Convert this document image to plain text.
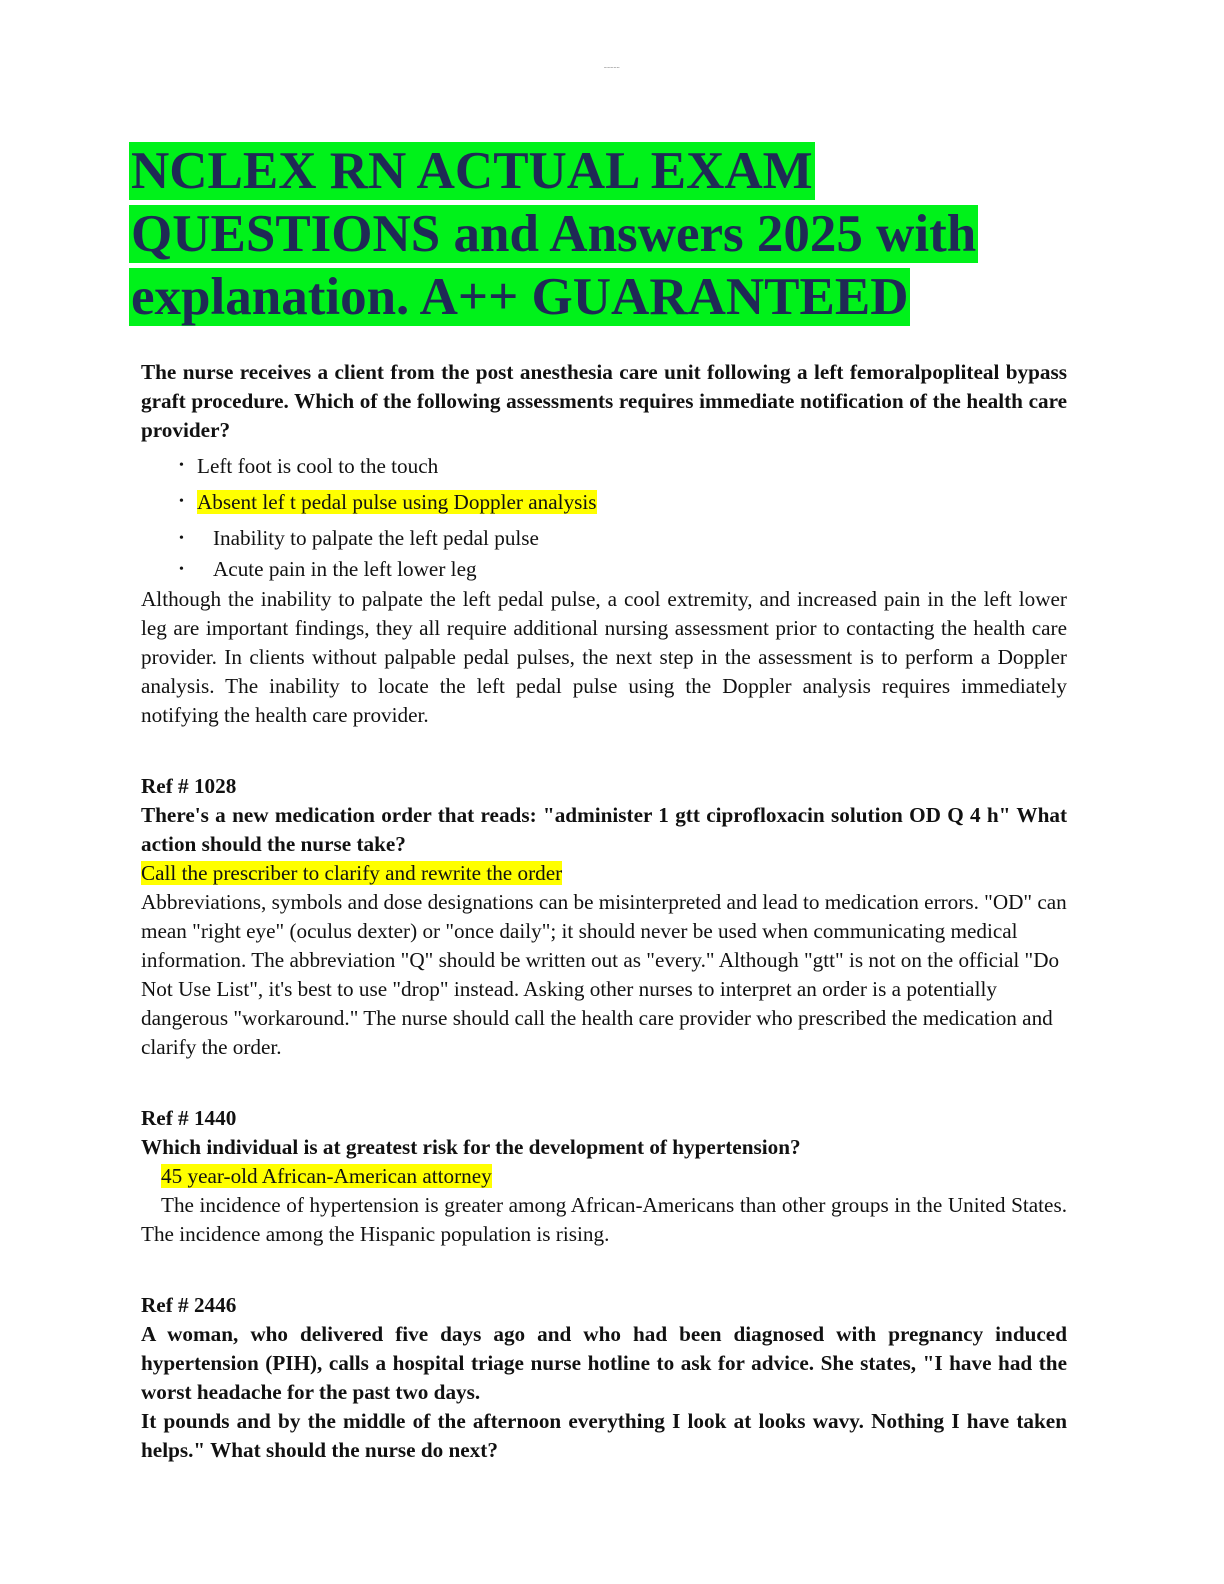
~~~~~
NCLEX RN ACTUAL EXAM
QUESTIONS and Answers 2025 with
explanation. A++ GUARANTEED

The nurse receives a client from the post anesthesia care unit following a left femoralpopliteal bypass graft procedure. Which of the following assessments requires immediate notification of the health care provider?

• Left foot is cool to the touch
• Absent lef t pedal pulse using Doppler analysis
• Inability to palpate the left pedal pulse
• Acute pain in the left lower leg

Although the inability to palpate the left pedal pulse, a cool extremity, and increased pain in the left lower leg are important findings, they all require additional nursing assessment prior to contacting the health care provider. In clients without palpable pedal pulses, the next step in the assessment is to perform a Doppler analysis. The inability to locate the left pedal pulse using the Doppler analysis requires immediately notifying the health care provider.

Ref # 1028

There's a new medication order that reads: "administer 1 gtt ciprofloxacin solution OD Q 4 h" What action should the nurse take?

Call the prescriber to clarify and rewrite the order

Abbreviations, symbols and dose designations can be misinterpreted and lead to medication errors. "OD" can mean "right eye" (oculus dexter) or "once daily"; it should never be used when communicating medical information. The abbreviation "Q" should be written out as "every." Although "gtt" is not on the official "Do Not Use List", it's best to use "drop" instead. Asking other nurses to interpret an order is a potentially dangerous "workaround." The nurse should call the health care provider who prescribed the medication and clarify the order.

Ref # 1440

Which individual is at greatest risk for the development of hypertension?

45 year-old African-American attorney

The incidence of hypertension is greater among African-Americans than other groups in the United States. The incidence among the Hispanic population is rising.

Ref # 2446

A woman, who delivered five days ago and who had been diagnosed with pregnancy induced hypertension (PIH), calls a hospital triage nurse hotline to ask for advice. She states, "I have had the worst headache for the past two days.

It pounds and by the middle of the afternoon everything I look at looks wavy. Nothing I have taken helps." What should the nurse do next?
